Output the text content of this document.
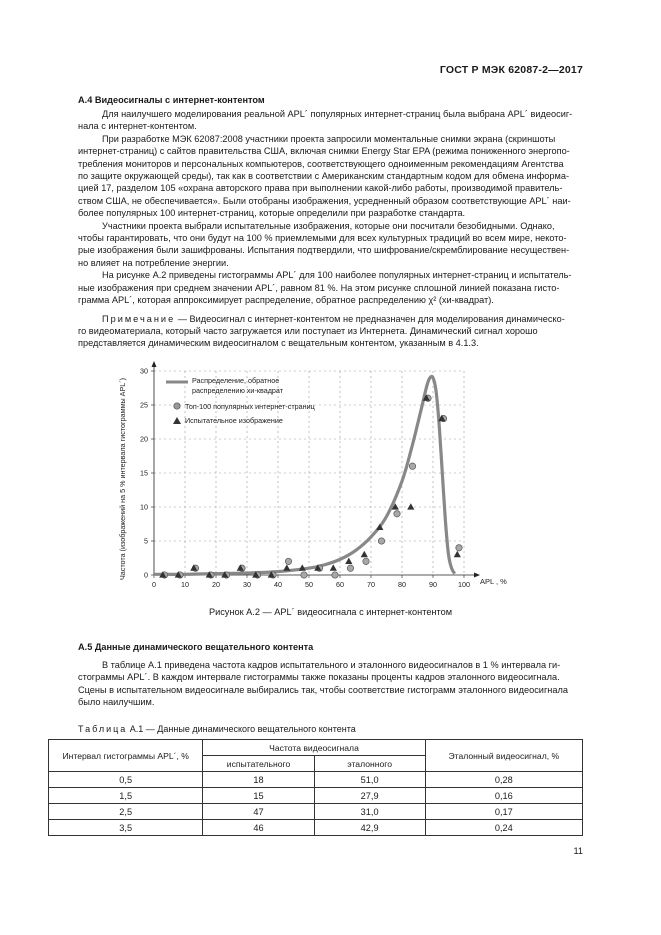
ГОСТ Р МЭК 62087-2—2017
А.4 Видеосигналы с интернет-контентом
Для наилучшего моделирования реальной APL´ популярных интернет-страниц была выбрана APL´ видеосиг-
нала с интернет-контентом.
При разработке МЭК 62087:2008 участники проекта запросили моментальные снимки экрана (скриншоты
интернет-страниц) с сайтов правительства США, включая снимки Energy Star EPA (режима пониженного энергопо-
требления мониторов и персональных компьютеров, соответствующего одноименным рекомендациям Агентства
по защите окружающей среды), так как в соответствии с Американским стандартным кодом для обмена информа-
цией 17, разделом 105 «охрана авторского права при выполнении какой-либо работы, производимой правитель-
ством США, не обеспечивается». Были отобраны изображения, усредненный образом соответствующие APL´ наи-
более популярных 100 интернет-страниц, которые определили при разработке стандарта.
Участники проекта выбрали испытательные изображения, которые они посчитали безобидными. Однако,
чтобы гарантировать, что они будут на 100 % приемлемыми для всех культурных традиций во всем мире, некото-
рые изображения были зашифрованы. Испытания подтвердили, что шифрование/скремблирование несуществен-
но влияет на потребление энергии.
На рисунке А.2 приведены гистограммы APL´ для 100 наиболее популярных интернет-страниц и испытатель-
ные изображения при среднем значении APL´, равном 81 %. На этом рисунке сплошной линией показана гисто-
грамма APL´, которая аппроксимирует распределение, обратное распределению χ² (хи-квадрат).
Примечание — Видеосигнал с интернет-контентом не предназначен для моделирования динамическо-
го видеоматериала, который часто загружается или поступает из Интернета. Динамический сигнал хорошо
представляется динамическим видеосигналом с вещательным контентом, указанным в 4.1.3.
0	10	20	30	40	50	60	70	80	90	100
0
5
10
15
20
25
30
Частота (изображений на 5 % интервала гистограммы APL´)
APL , %
Распределение, обратное
распределению хи-квадрат
Топ-100 популярных интернет-страниц
Испытательное изображение
Рисунок А.2 — APL´ видеосигнала с интернет-контентом
А.5 Данные динамического вещательного контента
В таблице А.1 приведена частота кадров испытательного и эталонного видеосигналов в 1 % интервала ги-
стограммы APL´. В каждом интервале гистограммы также показаны проценты кадров эталонного видеосигнала.
Сцены в испытательном видеосигнале выбирались так, чтобы соответствие гистограмм эталонного видеосигнала
было наилучшим.
Таблица А.1 — Данные динамического вещательного контента
Интервал гистограммы APL´, %	Частота видеосигнала		Эталонный видеосигнал, %
	испытательного	эталонного	
0,5	18	51,0	0,28
1,5	15	27,9	0,16
2,5	47	31,0	0,17
3,5	46	42,9	0,24
11
